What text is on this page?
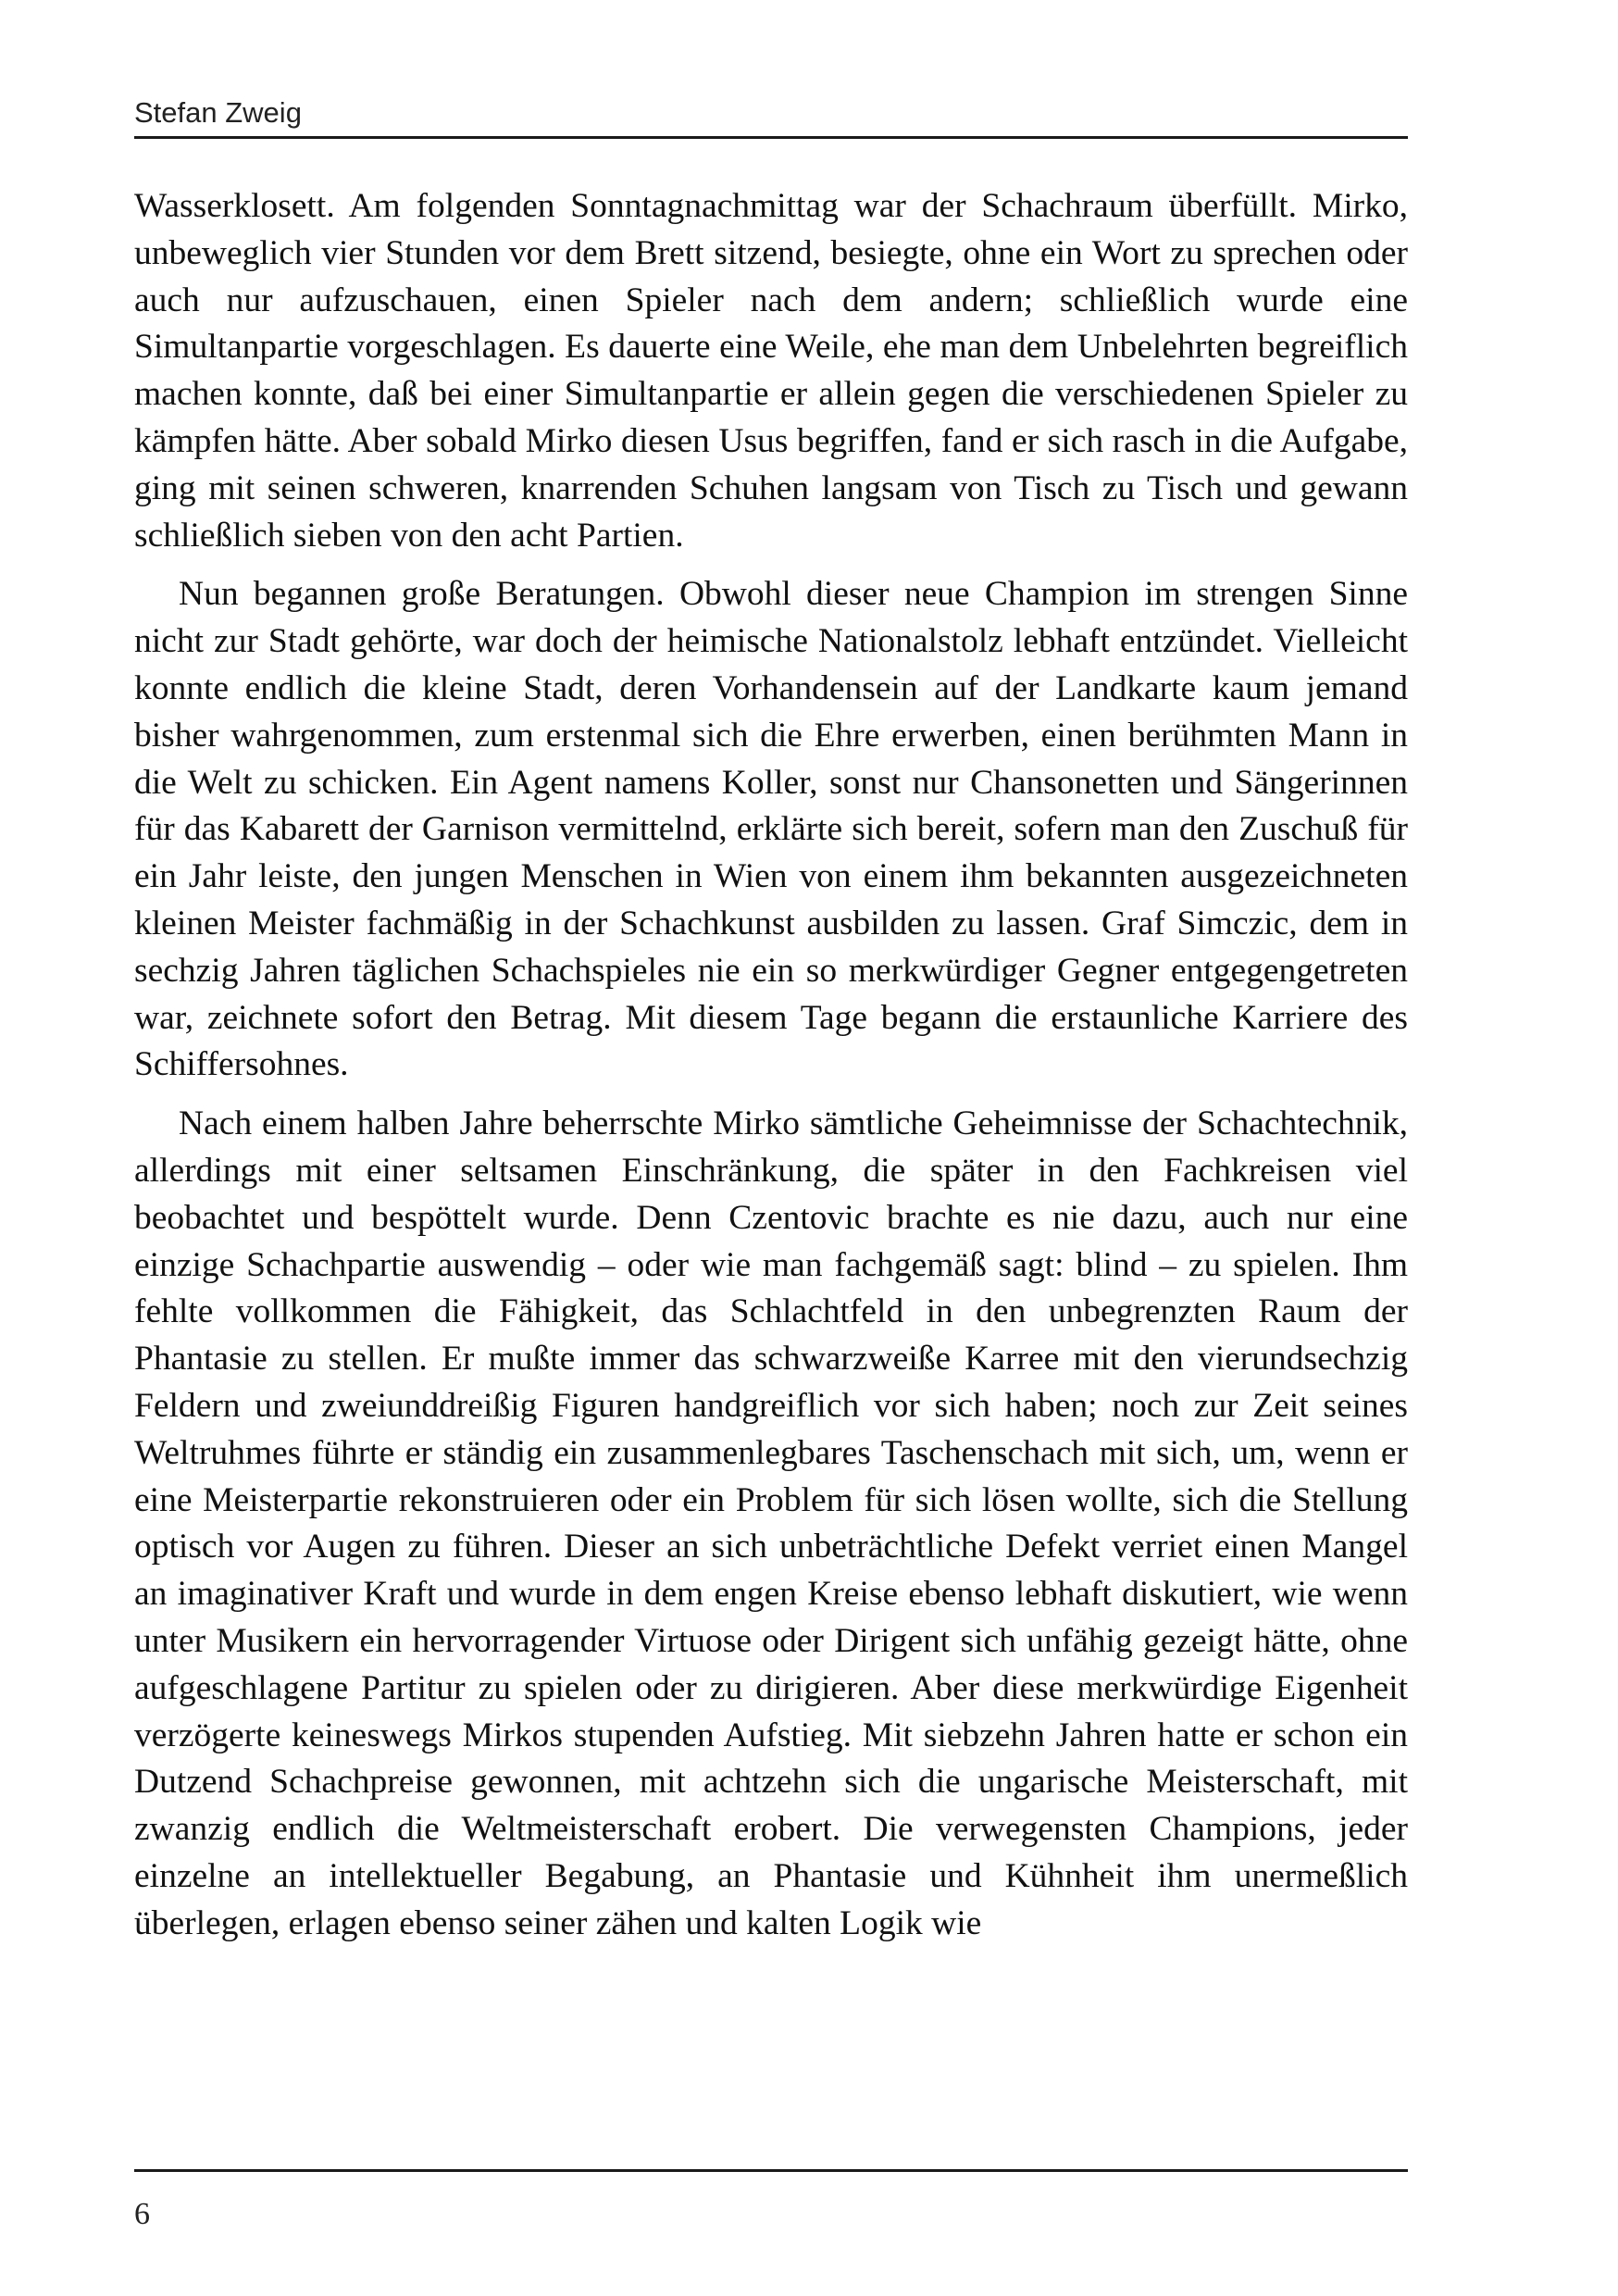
Stefan Zweig

Wasserklosett. Am folgenden Sonntagnachmittag war der Schachraum überfüllt. Mirko, unbeweglich vier Stunden vor dem Brett sitzend, besiegte, ohne ein Wort zu sprechen oder auch nur aufzuschauen, einen Spieler nach dem andern; schließlich wurde eine Simultanpartie vorgeschlagen. Es dauerte eine Weile, ehe man dem Unbelehrten begreiflich machen konnte, daß bei einer Simultanpartie er allein gegen die verschiedenen Spieler zu kämpfen hätte. Aber sobald Mirko diesen Usus begriffen, fand er sich rasch in die Aufgabe, ging mit seinen schweren, knarrenden Schuhen langsam von Tisch zu Tisch und gewann schließlich sieben von den acht Partien.

Nun begannen große Beratungen. Obwohl dieser neue Champion im strengen Sinne nicht zur Stadt gehörte, war doch der heimische Nationalstolz lebhaft entzündet. Vielleicht konnte endlich die kleine Stadt, deren Vorhandensein auf der Landkarte kaum jemand bisher wahrgenommen, zum erstenmal sich die Ehre erwerben, einen berühmten Mann in die Welt zu schicken. Ein Agent namens Koller, sonst nur Chansonetten und Sängerinnen für das Kabarett der Garnison vermittelnd, erklärte sich bereit, sofern man den Zuschuß für ein Jahr leiste, den jungen Menschen in Wien von einem ihm bekannten ausgezeichneten kleinen Meister fachmäßig in der Schachkunst ausbilden zu lassen. Graf Simczic, dem in sechzig Jahren täglichen Schachspieles nie ein so merkwürdiger Gegner entgegengetreten war, zeichnete sofort den Betrag. Mit diesem Tage begann die erstaunliche Karriere des Schiffersohnes.

Nach einem halben Jahre beherrschte Mirko sämtliche Geheimnisse der Schachtechnik, allerdings mit einer seltsamen Einschränkung, die später in den Fachkreisen viel beobachtet und bespöttelt wurde. Denn Czentovic brachte es nie dazu, auch nur eine einzige Schachpartie auswendig – oder wie man fachgemäß sagt: blind – zu spielen. Ihm fehlte vollkommen die Fähigkeit, das Schlachtfeld in den unbegrenzten Raum der Phantasie zu stellen. Er mußte immer das schwarzweiße Karree mit den vierundsechzig Feldern und zweiunddreißig Figuren handgreiflich vor sich haben; noch zur Zeit seines Weltruhmes führte er ständig ein zusammenlegbares Taschenschach mit sich, um, wenn er eine Meisterpartie rekonstruieren oder ein Problem für sich lösen wollte, sich die Stellung optisch vor Augen zu führen. Dieser an sich unbeträchtliche Defekt verriet einen Mangel an imaginativer Kraft und wurde in dem engen Kreise ebenso lebhaft diskutiert, wie wenn unter Musikern ein hervorragender Virtuose oder Dirigent sich unfähig gezeigt hätte, ohne aufgeschlagene Partitur zu spielen oder zu dirigieren. Aber diese merkwürdige Eigenheit verzögerte keineswegs Mirkos stupenden Aufstieg. Mit siebzehn Jahren hatte er schon ein Dutzend Schachpreise gewonnen, mit achtzehn sich die ungarische Meisterschaft, mit zwanzig endlich die Weltmeisterschaft erobert. Die verwegensten Champions, jeder einzelne an intellektueller Begabung, an Phantasie und Kühnheit ihm unermeßlich überlegen, erlagen ebenso seiner zähen und kalten Logik wie

6
